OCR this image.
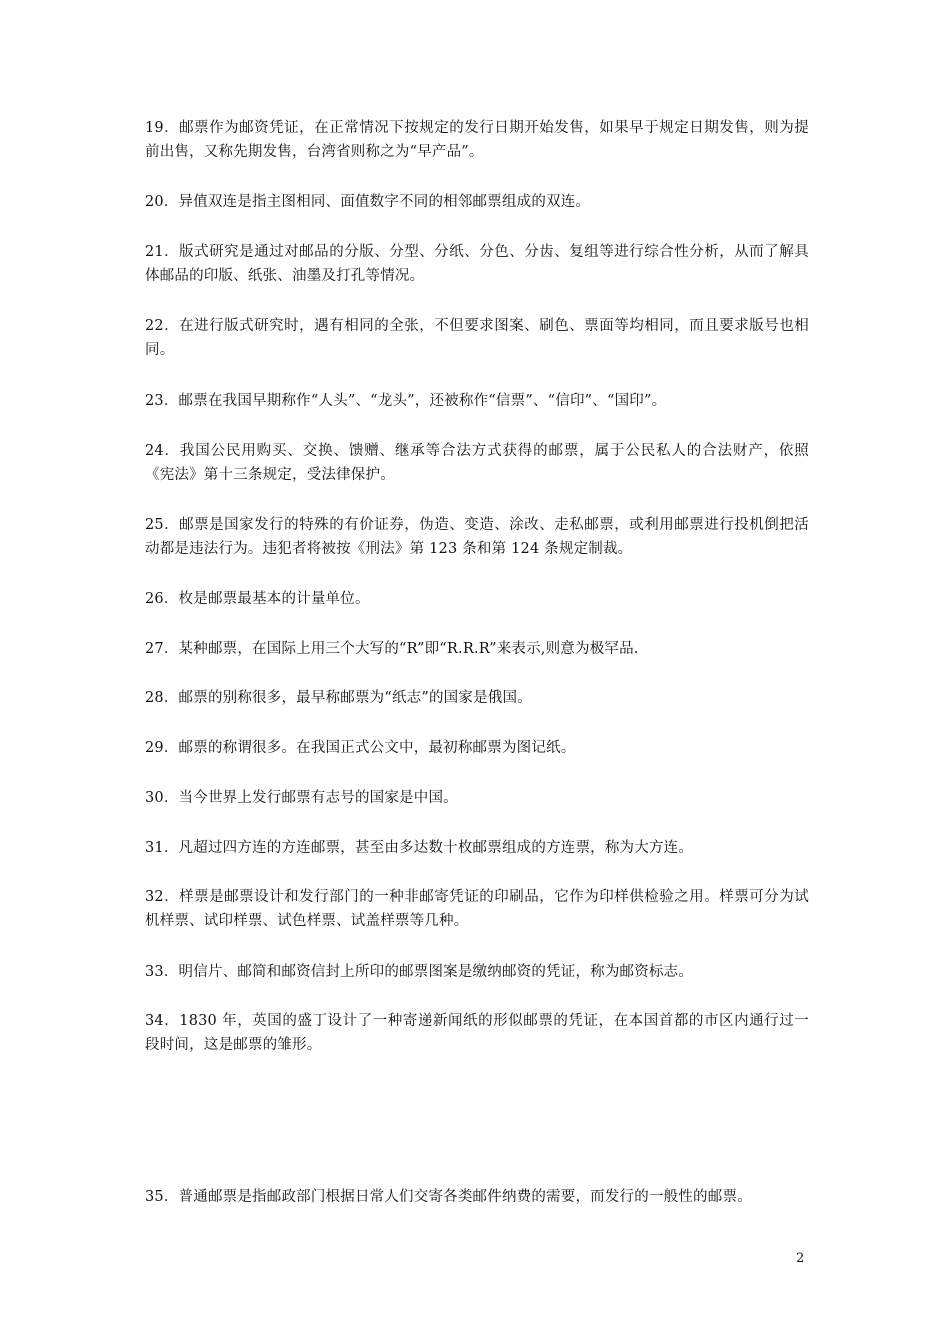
19．邮票作为邮资凭证，在正常情况下按规定的发行日期开始发售，如果早于规定日期发售，则为提前出售，又称先期发售，台湾省则称之为“早产品”。

20．异值双连是指主图相同、面值数字不同的相邻邮票组成的双连。

21．版式研究是通过对邮品的分版、分型、分纸、分色、分齿、复组等进行综合性分析，从而了解具体邮品的印版、纸张、油墨及打孔等情况。

22．在进行版式研究时，遇有相同的全张，不但要求图案、刷色、票面等均相同，而且要求版号也相同。

23．邮票在我国早期称作“人头”、“龙头”，还被称作“信票”、“信印”、“国印”。

24．我国公民用购买、交换、馈赠、继承等合法方式获得的邮票，属于公民私人的合法财产，依照《宪法》第十三条规定，受法律保护。

25．邮票是国家发行的特殊的有价证券，伪造、变造、涂改、走私邮票，或利用邮票进行投机倒把活动都是违法行为。违犯者将被按《刑法》第 123 条和第 124 条规定制裁。

26．枚是邮票最基本的计量单位。

27．某种邮票，在国际上用三个大写的“R”即“R.R.R”来表示,则意为极罕品.

28．邮票的别称很多，最早称邮票为“纸志”的国家是俄国。

29．邮票的称谓很多。在我国正式公文中，最初称邮票为图记纸。

30．当今世界上发行邮票有志号的国家是中国。

31．凡超过四方连的方连邮票，甚至由多达数十枚邮票组成的方连票，称为大方连。

32．样票是邮票设计和发行部门的一种非邮寄凭证的印刷品，它作为印样供检验之用。样票可分为试机样票、试印样票、试色样票、试盖样票等几种。

33．明信片、邮简和邮资信封上所印的邮票图案是缴纳邮资的凭证，称为邮资标志。

34．1830 年，英国的盛丁设计了一种寄递新闻纸的形似邮票的凭证，在本国首都的市区内通行过一段时间，这是邮票的雏形。

35．普通邮票是指邮政部门根据日常人们交寄各类邮件纳费的需要，而发行的一般性的邮票。

2
